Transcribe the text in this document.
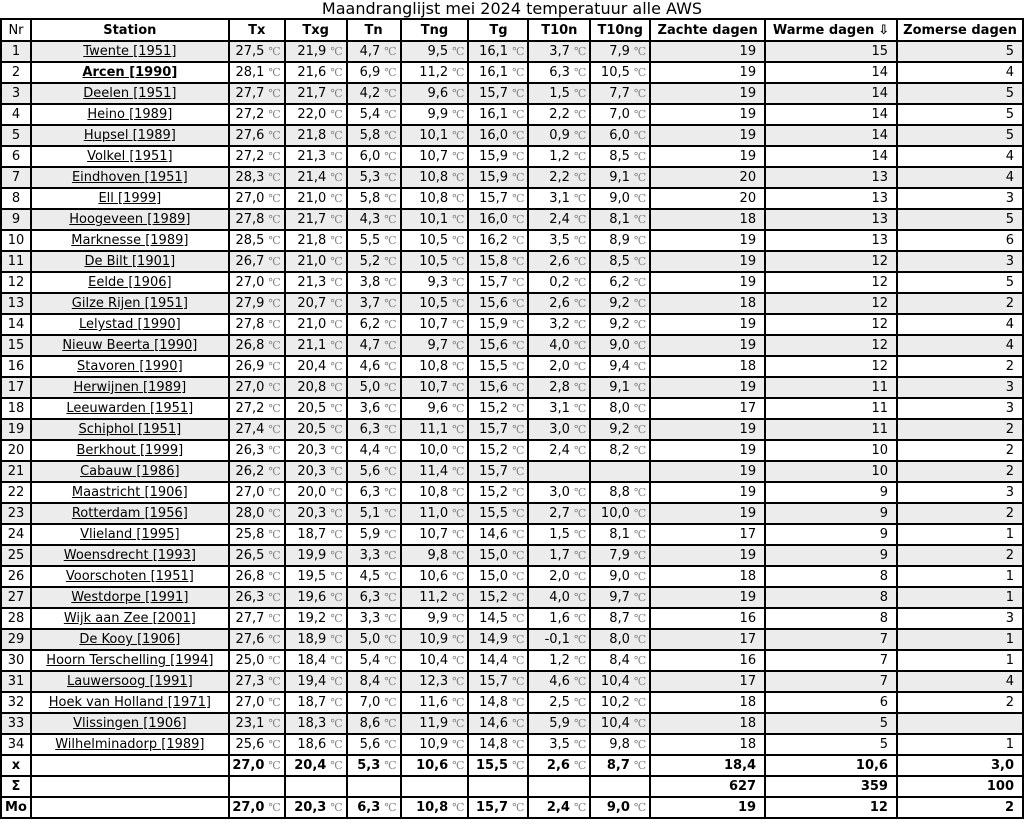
Maandranglijst mei 2024 temperatuur alle AWS
Nr	Station	Tx	Txg	Tn	Tng	Tg	T10n	T10ng	Zachte dagen	Warme dagen ⇩	Zomerse dagen
1	Twente [1951]	27,5 ℃	21,9 ℃	4,7 ℃	9,5 ℃	16,1 ℃	3,7 ℃	7,9 ℃	19	15	5
2	Arcen [1990]	28,1 ℃	21,6 ℃	6,9 ℃	11,2 ℃	16,1 ℃	6,3 ℃	10,5 ℃	19	14	4
3	Deelen [1951]	27,7 ℃	21,7 ℃	4,2 ℃	9,6 ℃	15,7 ℃	1,5 ℃	7,7 ℃	19	14	5
4	Heino [1989]	27,2 ℃	22,0 ℃	5,4 ℃	9,9 ℃	16,1 ℃	2,2 ℃	7,0 ℃	19	14	5
5	Hupsel [1989]	27,6 ℃	21,8 ℃	5,8 ℃	10,1 ℃	16,0 ℃	0,9 ℃	6,0 ℃	19	14	5
6	Volkel [1951]	27,2 ℃	21,3 ℃	6,0 ℃	10,7 ℃	15,9 ℃	1,2 ℃	8,5 ℃	19	14	4
7	Eindhoven [1951]	28,3 ℃	21,4 ℃	5,3 ℃	10,8 ℃	15,9 ℃	2,2 ℃	9,1 ℃	20	13	4
8	Ell [1999]	27,0 ℃	21,0 ℃	5,8 ℃	10,8 ℃	15,7 ℃	3,1 ℃	9,0 ℃	20	13	3
9	Hoogeveen [1989]	27,8 ℃	21,7 ℃	4,3 ℃	10,1 ℃	16,0 ℃	2,4 ℃	8,1 ℃	18	13	5
10	Marknesse [1989]	28,5 ℃	21,8 ℃	5,5 ℃	10,5 ℃	16,2 ℃	3,5 ℃	8,9 ℃	19	13	6
11	De Bilt [1901]	26,7 ℃	21,0 ℃	5,2 ℃	10,5 ℃	15,8 ℃	2,6 ℃	8,5 ℃	19	12	3
12	Eelde [1906]	27,0 ℃	21,3 ℃	3,8 ℃	9,3 ℃	15,7 ℃	0,2 ℃	6,2 ℃	19	12	5
13	Gilze Rijen [1951]	27,9 ℃	20,7 ℃	3,7 ℃	10,5 ℃	15,6 ℃	2,6 ℃	9,2 ℃	18	12	2
14	Lelystad [1990]	27,8 ℃	21,0 ℃	6,2 ℃	10,7 ℃	15,9 ℃	3,2 ℃	9,2 ℃	19	12	4
15	Nieuw Beerta [1990]	26,8 ℃	21,1 ℃	4,7 ℃	9,7 ℃	15,6 ℃	4,0 ℃	9,0 ℃	19	12	4
16	Stavoren [1990]	26,9 ℃	20,4 ℃	4,6 ℃	10,8 ℃	15,5 ℃	2,0 ℃	9,4 ℃	18	12	2
17	Herwijnen [1989]	27,0 ℃	20,8 ℃	5,0 ℃	10,7 ℃	15,6 ℃	2,8 ℃	9,1 ℃	19	11	3
18	Leeuwarden [1951]	27,2 ℃	20,5 ℃	3,6 ℃	9,6 ℃	15,2 ℃	3,1 ℃	8,0 ℃	17	11	3
19	Schiphol [1951]	27,4 ℃	20,5 ℃	6,3 ℃	11,1 ℃	15,7 ℃	3,0 ℃	9,2 ℃	19	11	2
20	Berkhout [1999]	26,3 ℃	20,3 ℃	4,4 ℃	10,0 ℃	15,2 ℃	2,4 ℃	8,2 ℃	19	10	2
21	Cabauw [1986]	26,2 ℃	20,3 ℃	5,6 ℃	11,4 ℃	15,7 ℃			19	10	2
22	Maastricht [1906]	27,0 ℃	20,0 ℃	6,3 ℃	10,8 ℃	15,2 ℃	3,0 ℃	8,8 ℃	19	9	3
23	Rotterdam [1956]	28,0 ℃	20,3 ℃	5,1 ℃	11,0 ℃	15,5 ℃	2,7 ℃	10,0 ℃	19	9	2
24	Vlieland [1995]	25,8 ℃	18,7 ℃	5,9 ℃	10,7 ℃	14,6 ℃	1,5 ℃	8,1 ℃	17	9	1
25	Woensdrecht [1993]	26,5 ℃	19,9 ℃	3,3 ℃	9,8 ℃	15,0 ℃	1,7 ℃	7,9 ℃	19	9	2
26	Voorschoten [1951]	26,8 ℃	19,5 ℃	4,5 ℃	10,6 ℃	15,0 ℃	2,0 ℃	9,0 ℃	18	8	1
27	Westdorpe [1991]	26,3 ℃	19,6 ℃	6,3 ℃	11,2 ℃	15,2 ℃	4,0 ℃	9,7 ℃	19	8	1
28	Wijk aan Zee [2001]	27,7 ℃	19,2 ℃	3,3 ℃	9,9 ℃	14,5 ℃	1,6 ℃	8,7 ℃	16	8	3
29	De Kooy [1906]	27,6 ℃	18,9 ℃	5,0 ℃	10,9 ℃	14,9 ℃	-0,1 ℃	8,0 ℃	17	7	1
30	Hoorn Terschelling [1994]	25,0 ℃	18,4 ℃	5,4 ℃	10,4 ℃	14,4 ℃	1,2 ℃	8,4 ℃	16	7	1
31	Lauwersoog [1991]	27,3 ℃	19,4 ℃	8,4 ℃	12,3 ℃	15,7 ℃	4,6 ℃	10,4 ℃	17	7	4
32	Hoek van Holland [1971]	27,0 ℃	18,7 ℃	7,0 ℃	11,6 ℃	14,8 ℃	2,5 ℃	10,2 ℃	18	6	2
33	Vlissingen [1906]	23,1 ℃	18,3 ℃	8,6 ℃	11,9 ℃	14,6 ℃	5,9 ℃	10,4 ℃	18	5	
34	Wilhelminadorp [1989]	25,6 ℃	18,6 ℃	5,6 ℃	10,9 ℃	14,8 ℃	3,5 ℃	9,8 ℃	18	5	1
x		27,0 ℃	20,4 ℃	5,3 ℃	10,6 ℃	15,5 ℃	2,6 ℃	8,7 ℃	18,4	10,6	3,0
Σ									627	359	100
Mo		27,0 ℃	20,3 ℃	6,3 ℃	10,8 ℃	15,7 ℃	2,4 ℃	9,0 ℃	19	12	2
